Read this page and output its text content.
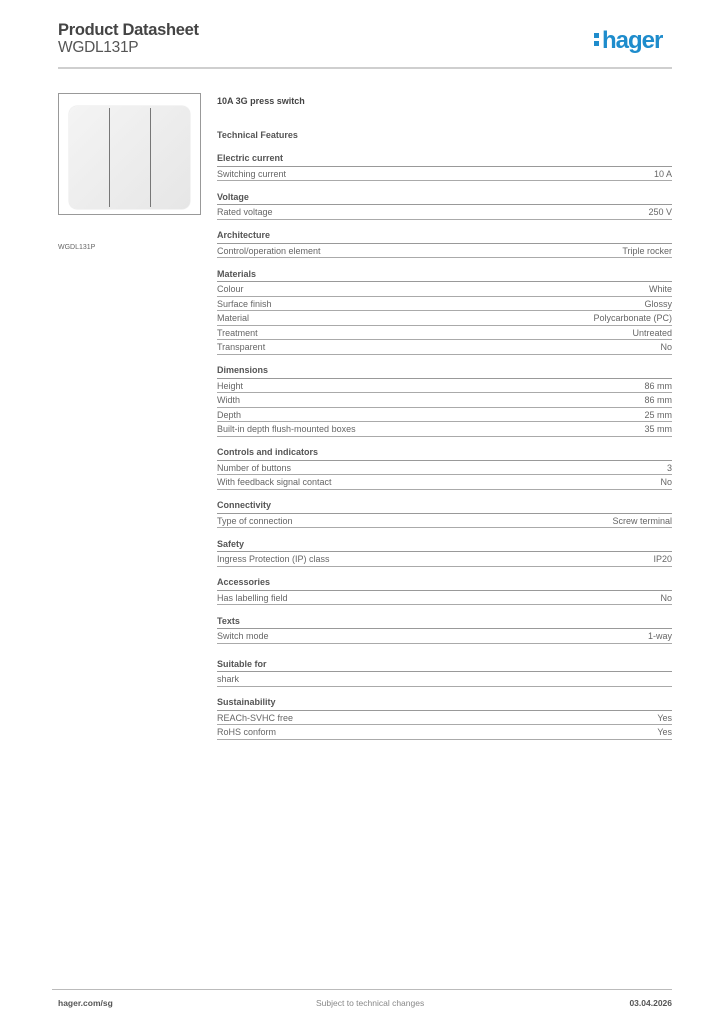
Product Datasheet
WGDL131P	hager
WGDL131P
10A 3G press switch
Technical Features
Electric current
Switching current	10 A
Voltage
Rated voltage	250 V
Architecture
Control/operation element	Triple rocker
Materials
Colour	White
Surface finish	Glossy
Material	Polycarbonate (PC)
Treatment	Untreated
Transparent	No
Dimensions
Height	86 mm
Width	86 mm
Depth	25 mm
Built-in depth flush-mounted boxes	35 mm
Controls and indicators
Number of buttons	3
With feedback signal contact	No
Connectivity
Type of connection	Screw terminal
Safety
Ingress Protection (IP) class	IP20
Accessories
Has labelling field	No
Texts
Switch mode	1-way
Suitable for
shark
Sustainability
REACh-SVHC free	Yes
RoHS conform	Yes
hager.com/sg	Subject to technical changes	03.04.2026
